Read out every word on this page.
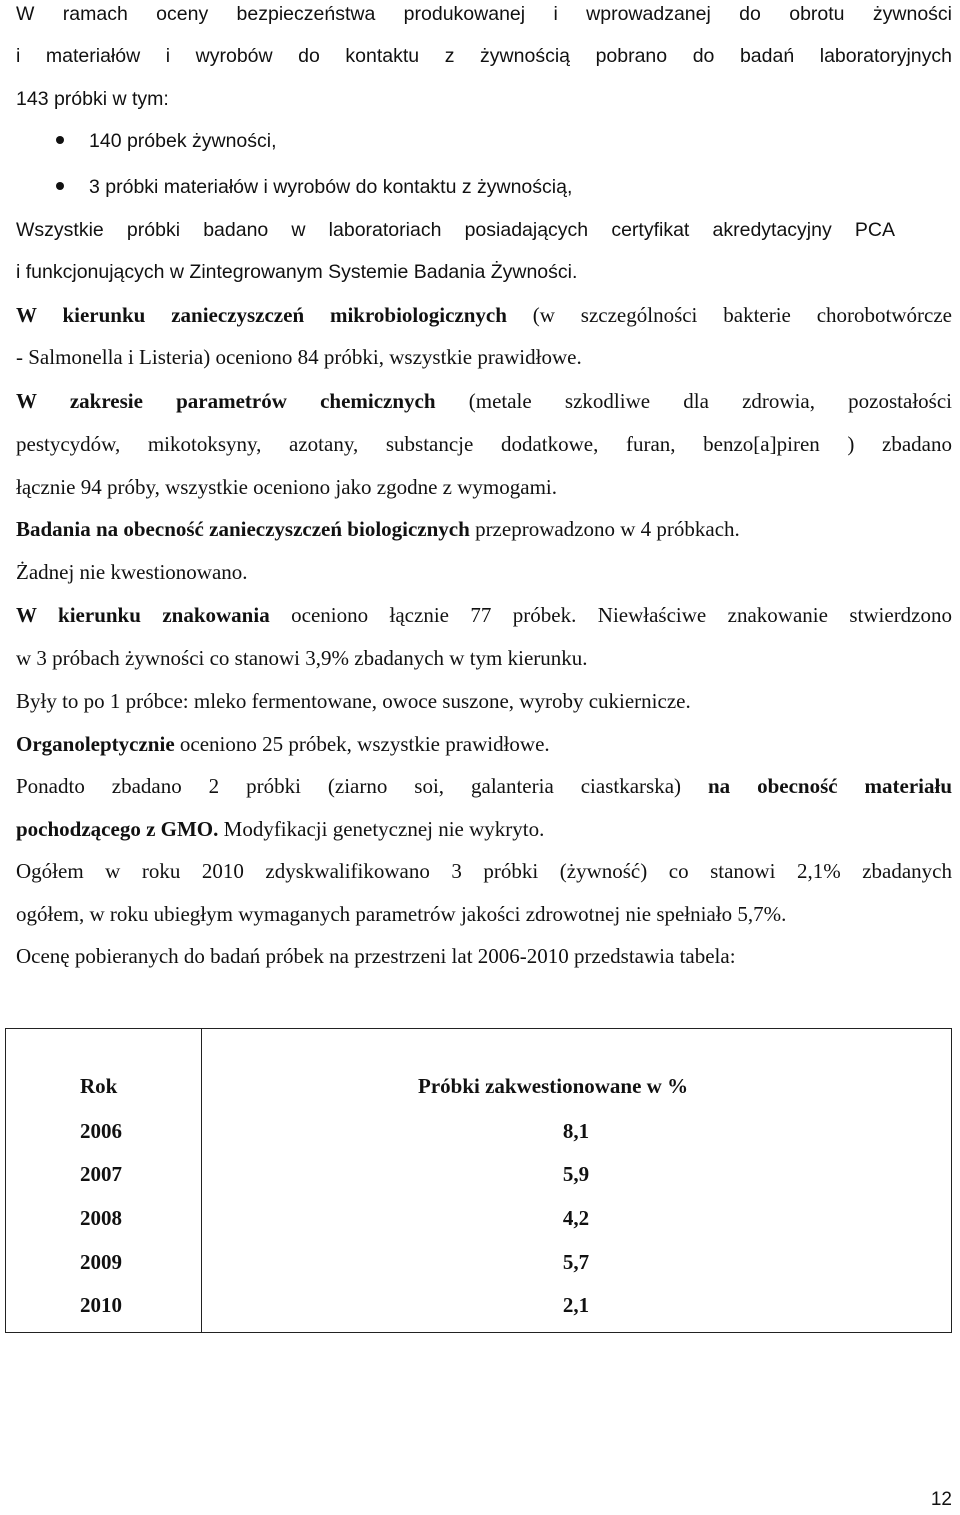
W ramach oceny bezpieczeństwa produkowanej i wprowadzanej do obrotu żywności
i materiałów i wyrobów do kontaktu z żywnością pobrano do badań laboratoryjnych
143 próbki w tym:
140 próbek żywności,
3 próbki materiałów i wyrobów do kontaktu z żywnością,
Wszystkie próbki badano w laboratoriach posiadających certyfikat akredytacyjny PCA
i funkcjonujących w Zintegrowanym Systemie Badania Żywności.
W kierunku zanieczyszczeń mikrobiologicznych (w szczególności bakterie chorobotwórcze
- Salmonella i Listeria) oceniono 84 próbki, wszystkie prawidłowe.
W zakresie parametrów chemicznych (metale szkodliwe dla zdrowia, pozostałości
pestycydów, mikotoksyny, azotany, substancje dodatkowe, furan, benzo[a]piren ) zbadano
łącznie 94 próby, wszystkie oceniono jako zgodne z wymogami.
Badania na obecność zanieczyszczeń biologicznych przeprowadzono w 4 próbkach.
Żadnej nie kwestionowano.
W kierunku znakowania oceniono łącznie 77 próbek. Niewłaściwe znakowanie stwierdzono
w 3 próbach żywności co stanowi 3,9% zbadanych w tym kierunku.
Były to po 1 próbce: mleko fermentowane, owoce suszone, wyroby cukiernicze.
Organoleptycznie oceniono 25 próbek, wszystkie prawidłowe.
Ponadto zbadano 2 próbki (ziarno soi, galanteria ciastkarska) na obecność materiału
pochodzącego z GMO. Modyfikacji genetycznej nie wykryto.
Ogółem w roku 2010 zdyskwalifikowano 3 próbki (żywność) co stanowi 2,1% zbadanych
ogółem, w roku ubiegłym wymaganych parametrów jakości zdrowotnej nie spełniało 5,7%.
Ocenę pobieranych do badań próbek na przestrzeni lat 2006-2010 przedstawia tabela:
Rok	Próbki zakwestionowane w %
2006	8,1
2007	5,9
2008	4,2
2009	5,7
2010	2,1
12
